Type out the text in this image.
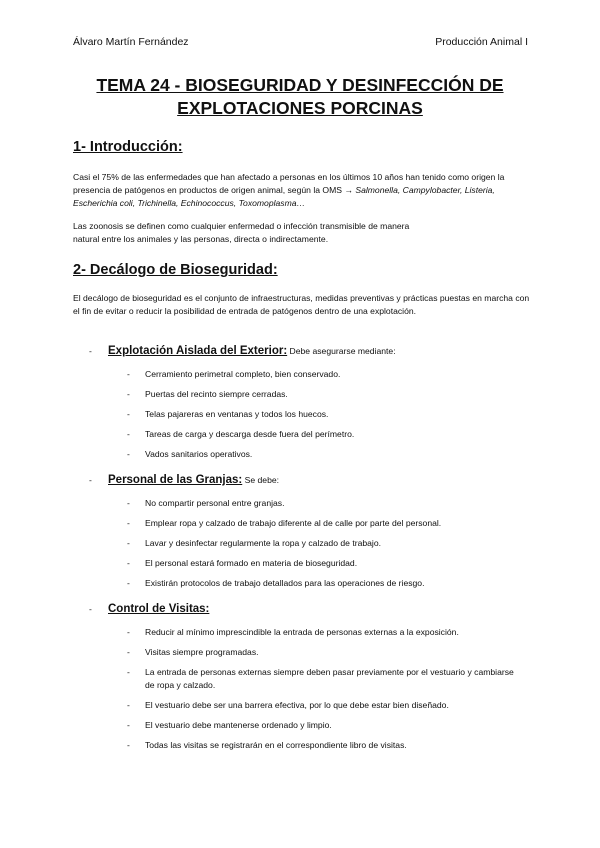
Álvaro Martín Fernández	Producción Animal I
TEMA 24 - BIOSEGURIDAD Y DESINFECCIÓN DE
EXPLOTACIONES PORCINAS
1- Introducción:
Casi el 75% de las enfermedades que han afectado a personas en los últimos 10 años han tenido como origen la presencia de patógenos en productos de origen animal, según la OMS → Salmonella, Campylobacter, Listeria, Escherichia coli, Trichinella, Echinococcus, Toxomoplasma…
Las zoonosis se definen como cualquier enfermedad o infección transmisible de manera
natural entre los animales y las personas, directa o indirectamente.
2- Decálogo de Bioseguridad:
El decálogo de bioseguridad es el conjunto de infraestructuras, medidas preventivas y prácticas puestas en marcha con el fin de evitar o reducir la posibilidad de entrada de patógenos dentro de una explotación.
- Explotación Aislada del Exterior: Debe asegurarse mediante:
- Cerramiento perimetral completo, bien conservado.
- Puertas del recinto siempre cerradas.
- Telas pajareras en ventanas y todos los huecos.
- Tareas de carga y descarga desde fuera del perímetro.
- Vados sanitarios operativos.
- Personal de las Granjas: Se debe:
- No compartir personal entre granjas.
- Emplear ropa y calzado de trabajo diferente al de calle por parte del personal.
- Lavar y desinfectar regularmente la ropa y calzado de trabajo.
- El personal estará formado en materia de bioseguridad.
- Existirán protocolos de trabajo detallados para las operaciones de riesgo.
- Control de Visitas:
- Reducir al mínimo imprescindible la entrada de personas externas a la exposición.
- Visitas siempre programadas.
- La entrada de personas externas siempre deben pasar previamente por el vestuario y cambiarse de ropa y calzado.
- El vestuario debe ser una barrera efectiva, por lo que debe estar bien diseñado.
- El vestuario debe mantenerse ordenado y limpio.
- Todas las visitas se registrarán en el correspondiente libro de visitas.
